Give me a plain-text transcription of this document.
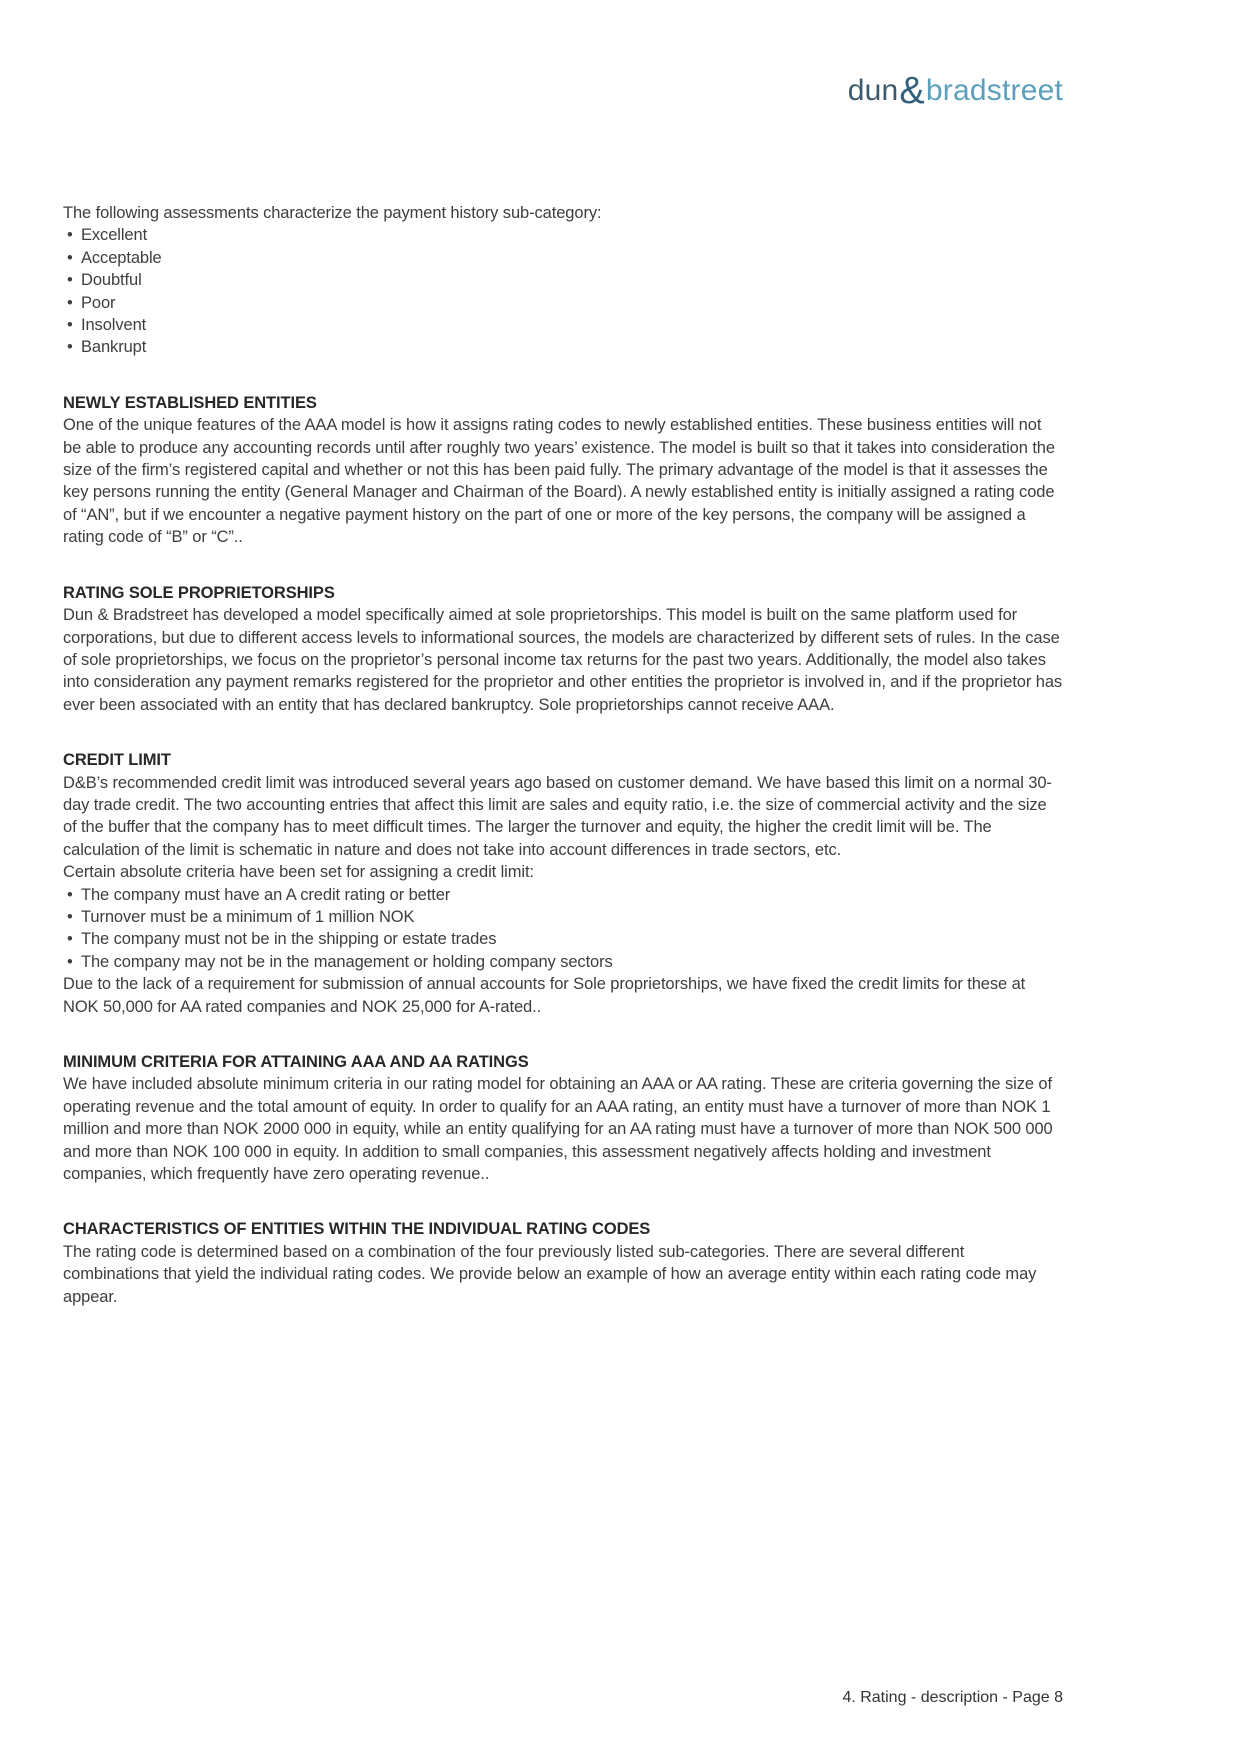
dun&bradstreet

The following assessments characterize the payment history sub-category:

• Excellent
• Acceptable
• Doubtful
• Poor
• Insolvent
• Bankrupt
NEWLY ESTABLISHED ENTITIES

One of the unique features of the AAA model is how it assigns rating codes to newly established entities. These business entities will not be able to produce any accounting records until after roughly two years’ existence. The model is built so that it takes into consideration the size of the firm’s registered capital and whether or not this has been paid fully. The primary advantage of the model is that it assesses the key persons running the entity (General Manager and Chairman of the Board). A newly established entity is initially assigned a rating code of “AN”, but if we encounter a negative payment history on the part of one or more of the key persons, the company will be assigned a rating code of “B” or “C”..

RATING SOLE PROPRIETORSHIPS

Dun & Bradstreet has developed a model specifically aimed at sole proprietorships. This model is built on the same platform used for corporations, but due to different access levels to informational sources, the models are characterized by different sets of rules. In the case of sole proprietorships, we focus on the proprietor’s personal income tax returns for the past two years. Additionally, the model also takes into consideration any payment remarks registered for the proprietor and other entities the proprietor is involved in, and if the proprietor has ever been associated with an entity that has declared bankruptcy. Sole proprietorships cannot receive AAA.

CREDIT LIMIT

D&B’s recommended credit limit was introduced several years ago based on customer demand. We have based this limit on a normal 30-day trade credit. The two accounting entries that affect this limit are sales and equity ratio, i.e. the size of commercial activity and the size of the buffer that the company has to meet difficult times. The larger the turnover and equity, the higher the credit limit will be. The calculation of the limit is schematic in nature and does not take into account differences in trade sectors, etc.

Certain absolute criteria have been set for assigning a credit limit:

• The company must have an A credit rating or better
• Turnover must be a minimum of 1 million NOK
• The company must not be in the shipping or estate trades
• The company may not be in the management or holding company sectors

Due to the lack of a requirement for submission of annual accounts for Sole proprietorships, we have fixed the credit limits for these at NOK 50,000 for AA rated companies and NOK 25,000 for A-rated..

MINIMUM CRITERIA FOR ATTAINING AAA AND AA RATINGS

We have included absolute minimum criteria in our rating model for obtaining an AAA or AA rating. These are criteria governing the size of operating revenue and the total amount of equity. In order to qualify for an AAA rating, an entity must have a turnover of more than NOK 1 million and more than NOK 2000 000 in equity, while an entity qualifying for an AA rating must have a turnover of more than NOK 500 000 and more than NOK 100 000 in equity. In addition to small companies, this assessment negatively affects holding and investment companies, which frequently have zero operating revenue..

CHARACTERISTICS OF ENTITIES WITHIN THE INDIVIDUAL RATING CODES

The rating code is determined based on a combination of the four previously listed sub-categories. There are several different combinations that yield the individual rating codes. We provide below an example of how an average entity within each rating code may appear.

4. Rating - description - Page 8
